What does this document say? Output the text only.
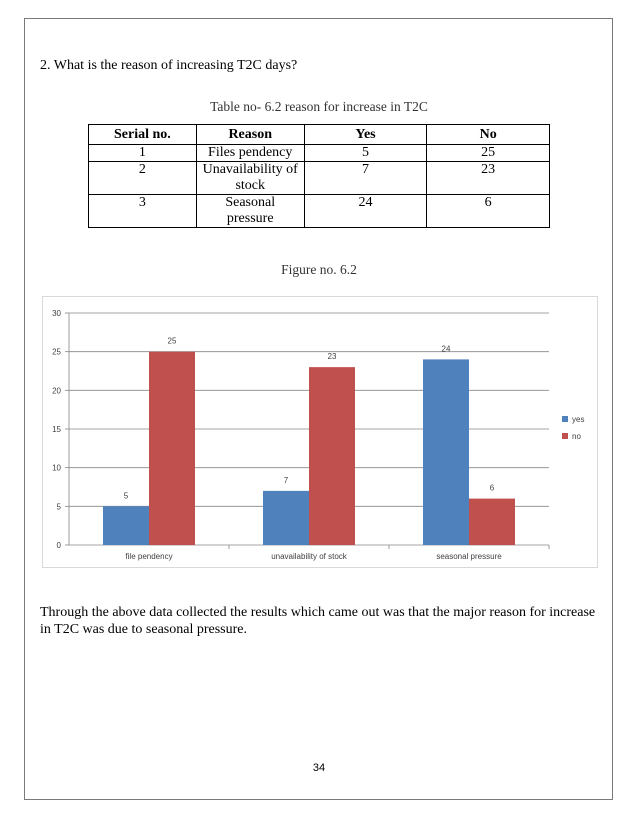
2. What is the reason of increasing T2C days?
Table no- 6.2 reason for increase in T2C
Serial no.	Reason	Yes	No
1	Files pendency	5	25
2	Unavailability of stock	7	23
3	Seasonal pressure	24	6
Figure no. 6.2
0
5
10
15
20
25
30
5
25
file pendency
7
23
unavailability of stock
24
6
seasonal pressure
yes
no
Through the above data collected the results which came out was that the major reason for increase in T2C was due to seasonal pressure.
34
